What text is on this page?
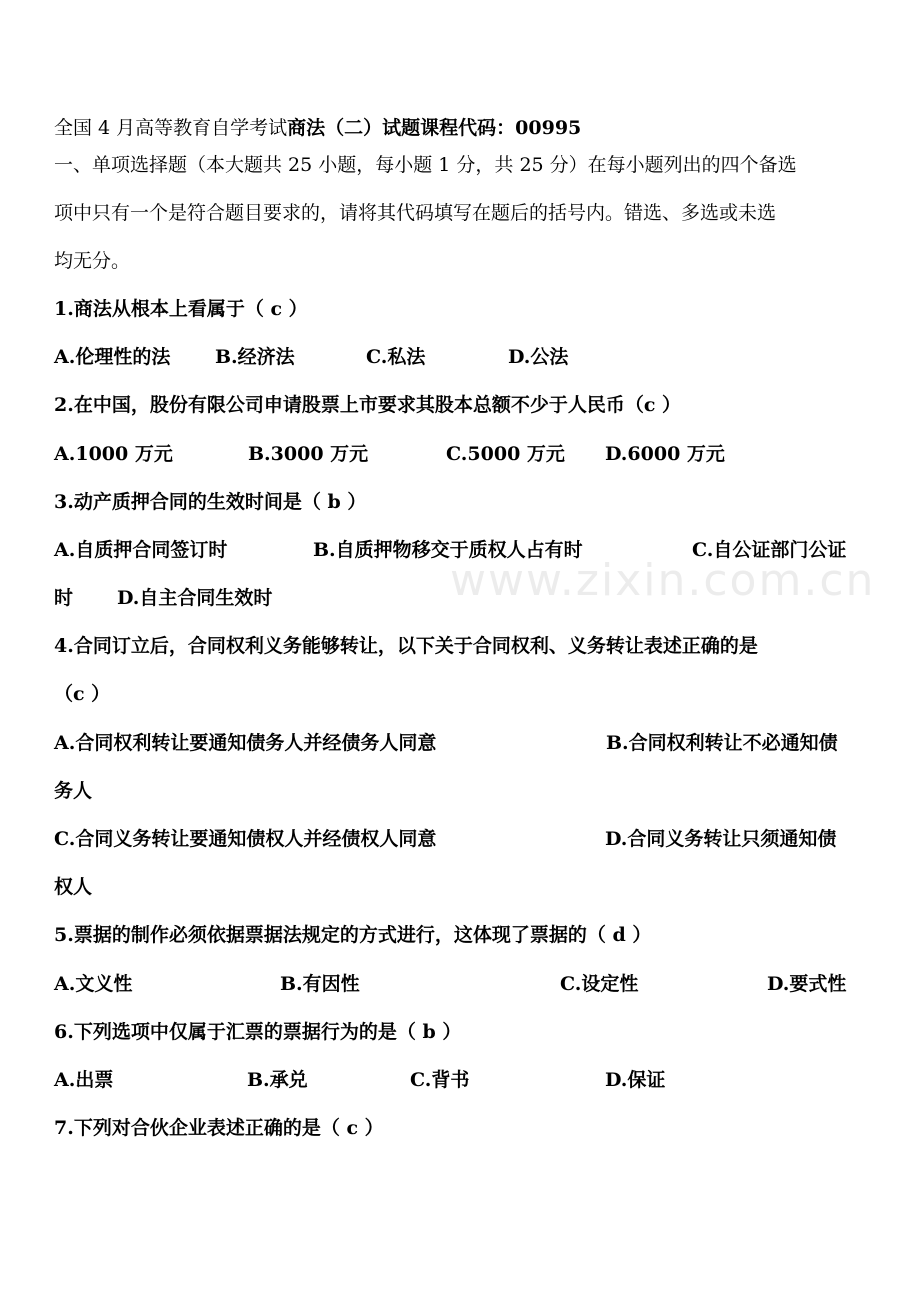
www.zixin.com.cn
全国 4 月高等教育自学考试商法（二）试题课程代码：00995
一、单项选择题（本大题共 25 小题，每小题 1 分，共 25 分）在每小题列出的四个备选
项中只有一个是符合题目要求的，请将其代码填写在题后的括号内。错选、多选或未选
均无分。
1.商法从根本上看属于（ c ）
A.伦理性的法 B.经济法	C.私法	D.公法
2.在中国，股份有限公司申请股票上市要求其股本总额不少于人民币（c ）
A.1000 万元	B.3000 万元	C.5000 万元 D.6000 万元
3.动产质押合同的生效时间是（ b ）
A.自质押合同签订时	B.自质押物移交于质权人占有时	C.自公证部门公证
时 D.自主合同生效时
4.合同订立后，合同权利义务能够转让，以下关于合同权利、义务转让表述正确的是
（c ）
A.合同权利转让要通知债务人并经债务人同意	B.合同权利转让不必通知债
务人
C.合同义务转让要通知债权人并经债权人同意	D.合同义务转让只须通知债
权人
5.票据的制作必须依据票据法规定的方式进行，这体现了票据的（ d ）
A.文义性	B.有因性	C.设定性	D.要式性
6.下列选项中仅属于汇票的票据行为的是（ b ）
A.出票	B.承兑	C.背书	D.保证
7.下列对合伙企业表述正确的是（ c ）
